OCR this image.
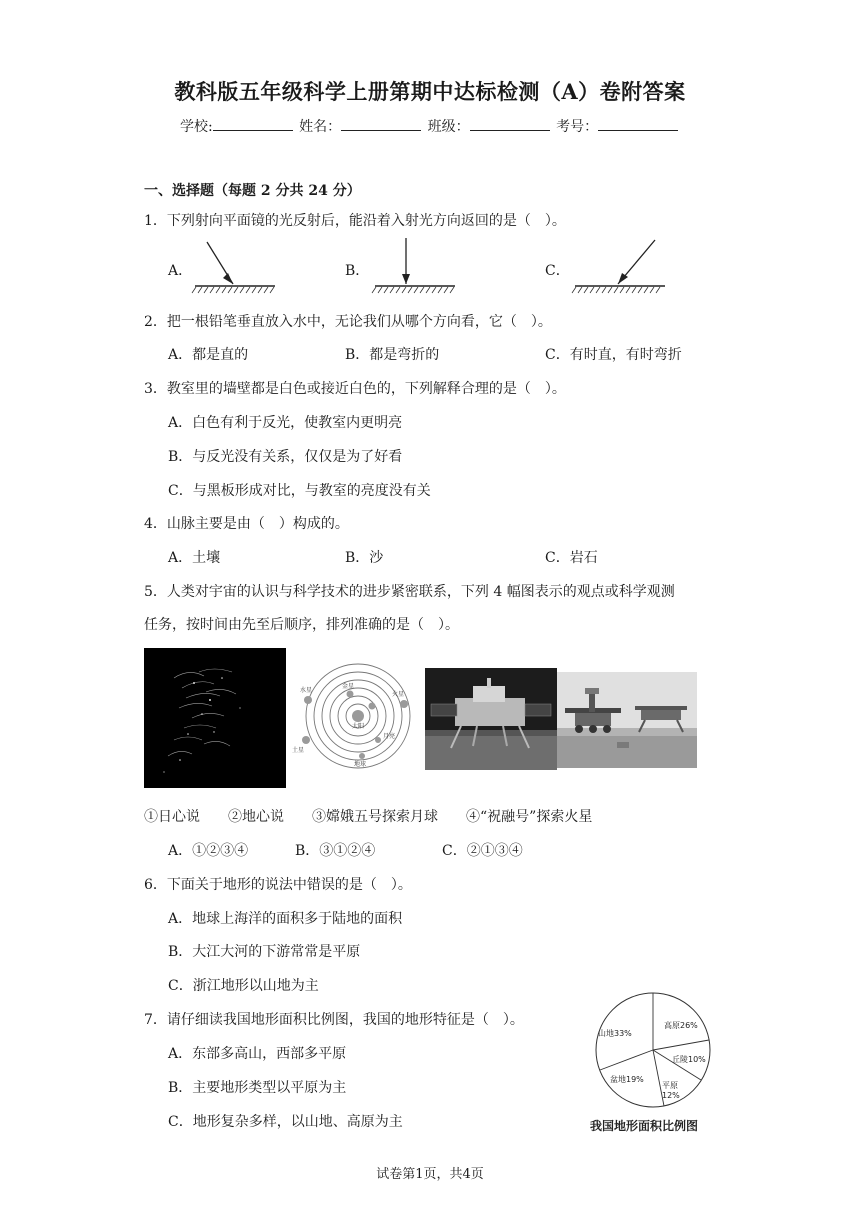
教科版五年级科学上册第期中达标检测（A）卷附答案
学校:	姓名：	班级：	考号：
一、选择题（每题 2 分共 24 分）
1．下列射向平面镜的光反射后，能沿着入射光方向返回的是（　）。
A．	B．	C．
2．把一根铅笔垂直放入水中，无论我们从哪个方向看，它（　）。
A．都是直的	B．都是弯折的	C．有时直，有时弯折
3．教室里的墙壁都是白色或接近白色的，下列解释合理的是（　）。
A．白色有利于反光，使教室内更明亮
B．与反光没有关系，仅仅是为了好看
C．与黑板形成对比，与教室的亮度没有关
4．山脉主要是由（　）构成的。
A．土壤	B．沙	C．岩石
5．人类对宇宙的认识与科学技术的进步紧密联系，下列 4 幅图表示的观点或科学观测
任务，按时间由先至后顺序，排列准确的是（　）。
水星
金星
太阳
火星
月亮
地球
土星
①日心说　　②地心说　　③嫦娥五号探索月球　　④“祝融号”探索火星
A．①②③④	B．③①②④	C．②①③④
6．下面关于地形的说法中错误的是（　）。
A．地球上海洋的面积多于陆地的面积
B．大江大河的下游常常是平原
C．浙江地形以山地为主
7．请仔细读我国地形面积比例图，我国的地形特征是（　）。
A．东部多高山，西部多平原
B．主要地形类型以平原为主
C．地形复杂多样，以山地、高原为主
山地33%
高原26%
丘陵10%
平原
12%
盆地19%
我国地形面积比例图
试卷第1页，共4页
